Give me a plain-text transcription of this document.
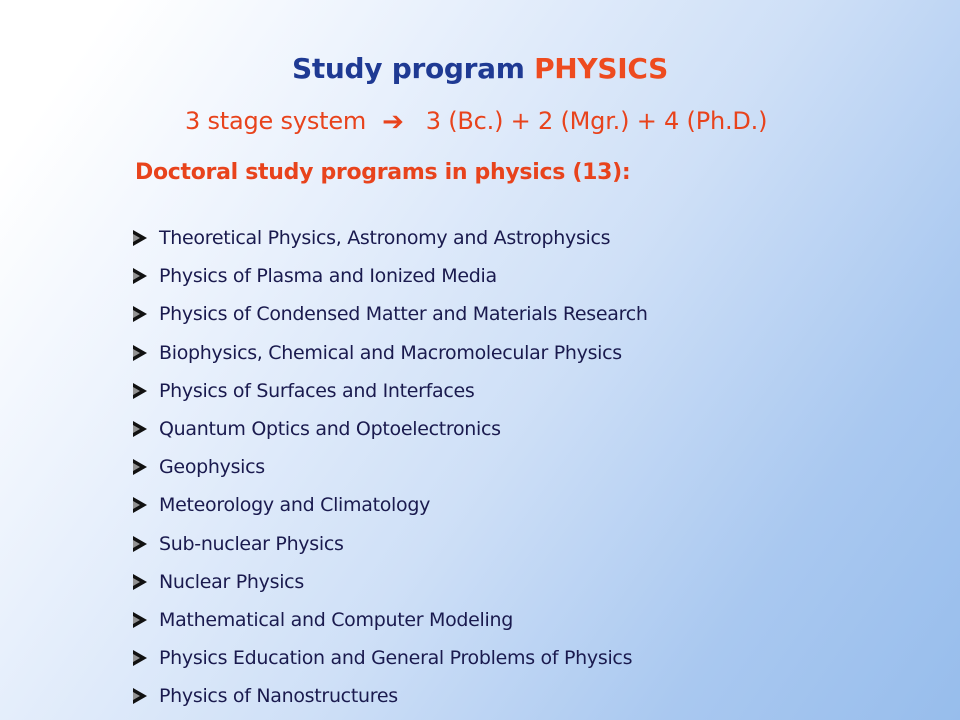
Study program PHYSICS
3 stage system ➔ 3 (Bc.) + 2 (Mgr.) + 4 (Ph.D.)
Doctoral study programs in physics (13):
Theoretical Physics, Astronomy and Astrophysics
Physics of Plasma and Ionized Media
Physics of Condensed Matter and Materials Research
Biophysics, Chemical and Macromolecular Physics
Physics of Surfaces and Interfaces
Quantum Optics and Optoelectronics
Geophysics
Meteorology and Climatology
Sub-nuclear Physics
Nuclear Physics
Mathematical and Computer Modeling
Physics Education and General Problems of Physics
Physics of Nanostructures
